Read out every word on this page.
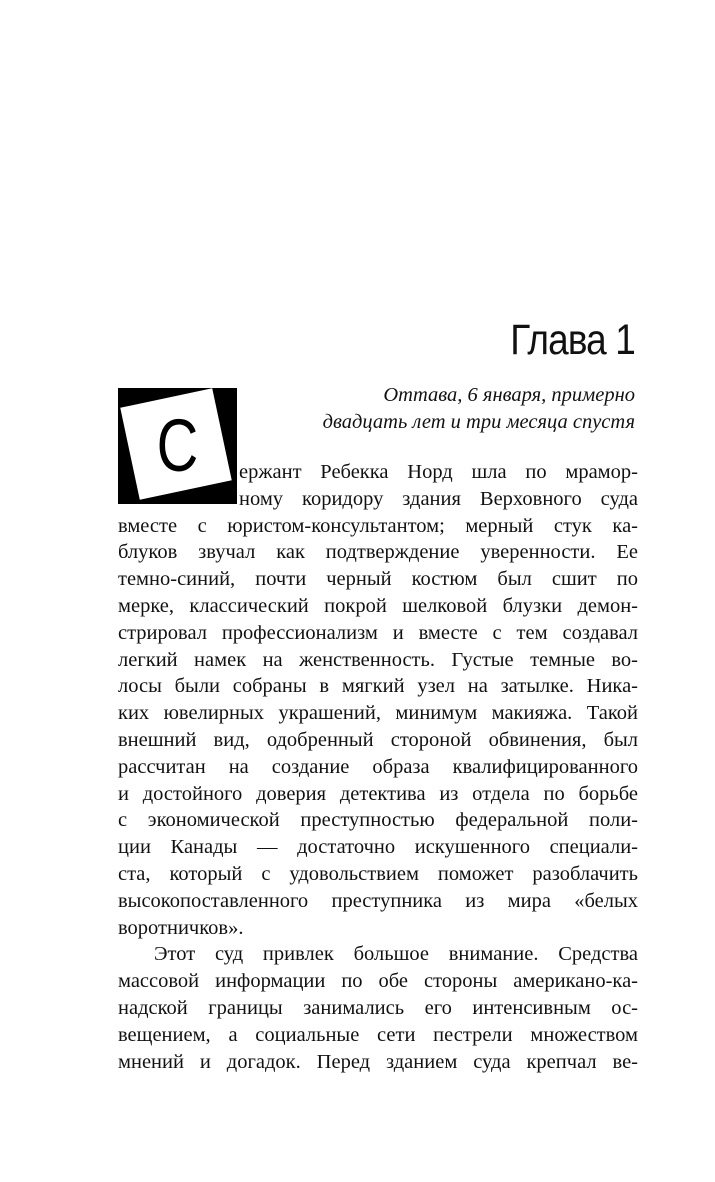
Глава 1
Оттава, 6 января, примерно
двадцать лет и три месяца спустя
С	ержант Ребекка Норд шла по мрамор-
ному коридору здания Верховного суда
вместе с юристом-консультантом; мерный стук ка-
блуков звучал как подтверждение уверенности. Ее
темно-синий, почти черный костюм был сшит по
мерке, классический покрой шелковой блузки демон-
стрировал профессионализм и вместе с тем создавал
легкий намек на женственность. Густые темные во-
лосы были собраны в мягкий узел на затылке. Ника-
ких ювелирных украшений, минимум макияжа. Такой
внешний вид, одобренный стороной обвинения, был
рассчитан на создание образа квалифицированного
и достойного доверия детектива из отдела по борьбе
с экономической преступностью федеральной поли-
ции Канады — достаточно искушенного специали-
ста, который с удовольствием поможет разоблачить
высокопоставленного преступника из мира «белых
воротничков».
Этот суд привлек большое внимание. Средства
массовой информации по обе стороны американо-ка-
надской границы занимались его интенсивным ос-
вещением, а социальные сети пестрели множеством
мнений и догадок. Перед зданием суда крепчал ве-
